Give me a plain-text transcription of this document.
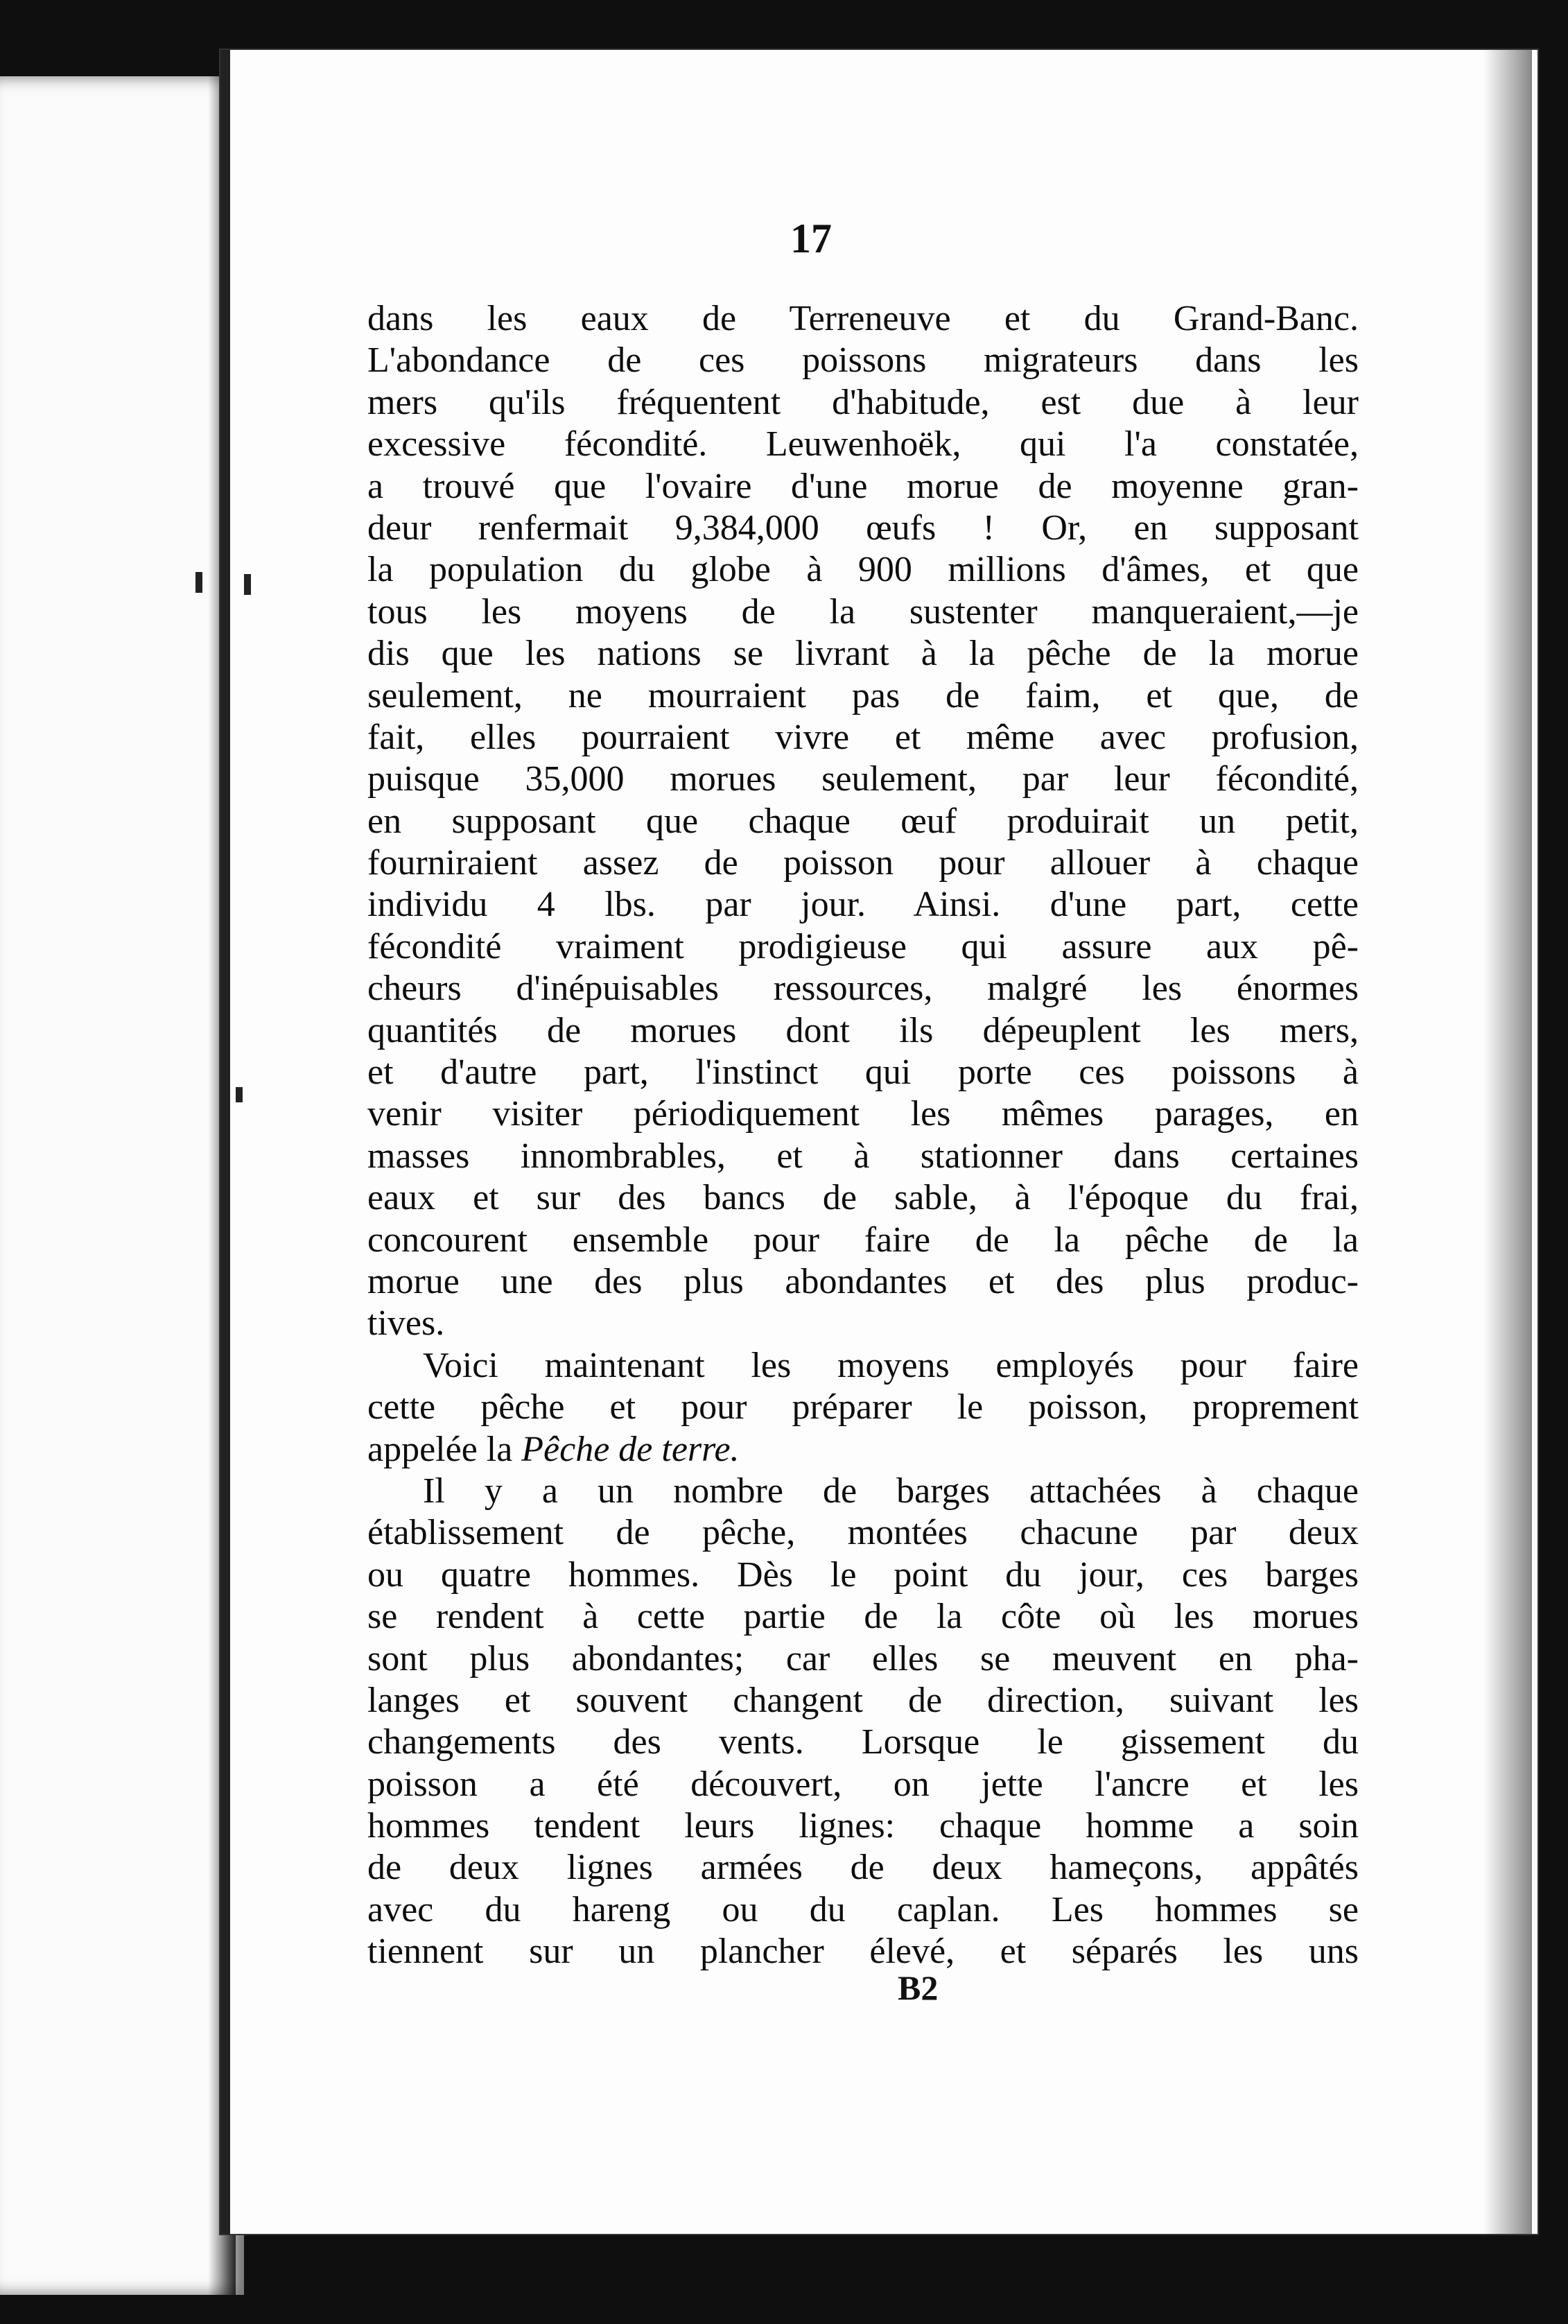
17
dans les eaux de Terreneuve et du Grand-Banc.
L'abondance de ces poissons migrateurs dans les
mers qu'ils fréquentent d'habitude, est due à leur
excessive fécondité. Leuwenhoëk, qui l'a constatée,
a trouvé que l'ovaire d'une morue de moyenne gran-
deur renfermait 9,384,000 œufs ! Or, en supposant
la population du globe à 900 millions d'âmes, et que
tous les moyens de la sustenter manqueraient,—je
dis que les nations se livrant à la pêche de la morue
seulement, ne mourraient pas de faim, et que, de
fait, elles pourraient vivre et même avec profusion,
puisque 35,000 morues seulement, par leur fécondité,
en supposant que chaque œuf produirait un petit,
fourniraient assez de poisson pour allouer à chaque
individu 4 lbs. par jour. Ainsi. d'une part, cette
fécondité vraiment prodigieuse qui assure aux pê-
cheurs d'inépuisables ressources, malgré les énormes
quantités de morues dont ils dépeuplent les mers,
et d'autre part, l'instinct qui porte ces poissons à
venir visiter périodiquement les mêmes parages, en
masses innombrables, et à stationner dans certaines
eaux et sur des bancs de sable, à l'époque du frai,
concourent ensemble pour faire de la pêche de la
morue une des plus abondantes et des plus produc-
tives.
Voici maintenant les moyens employés pour faire
cette pêche et pour préparer le poisson, proprement
appelée la Pêche de terre.
Il y a un nombre de barges attachées à chaque
établissement de pêche, montées chacune par deux
ou quatre hommes. Dès le point du jour, ces barges
se rendent à cette partie de la côte où les morues
sont plus abondantes; car elles se meuvent en pha-
langes et souvent changent de direction, suivant les
changements des vents. Lorsque le gissement du
poisson a été découvert, on jette l'ancre et les
hommes tendent leurs lignes: chaque homme a soin
de deux lignes armées de deux hameçons, appâtés
avec du hareng ou du caplan. Les hommes se
tiennent sur un plancher élevé, et séparés les uns
B2
